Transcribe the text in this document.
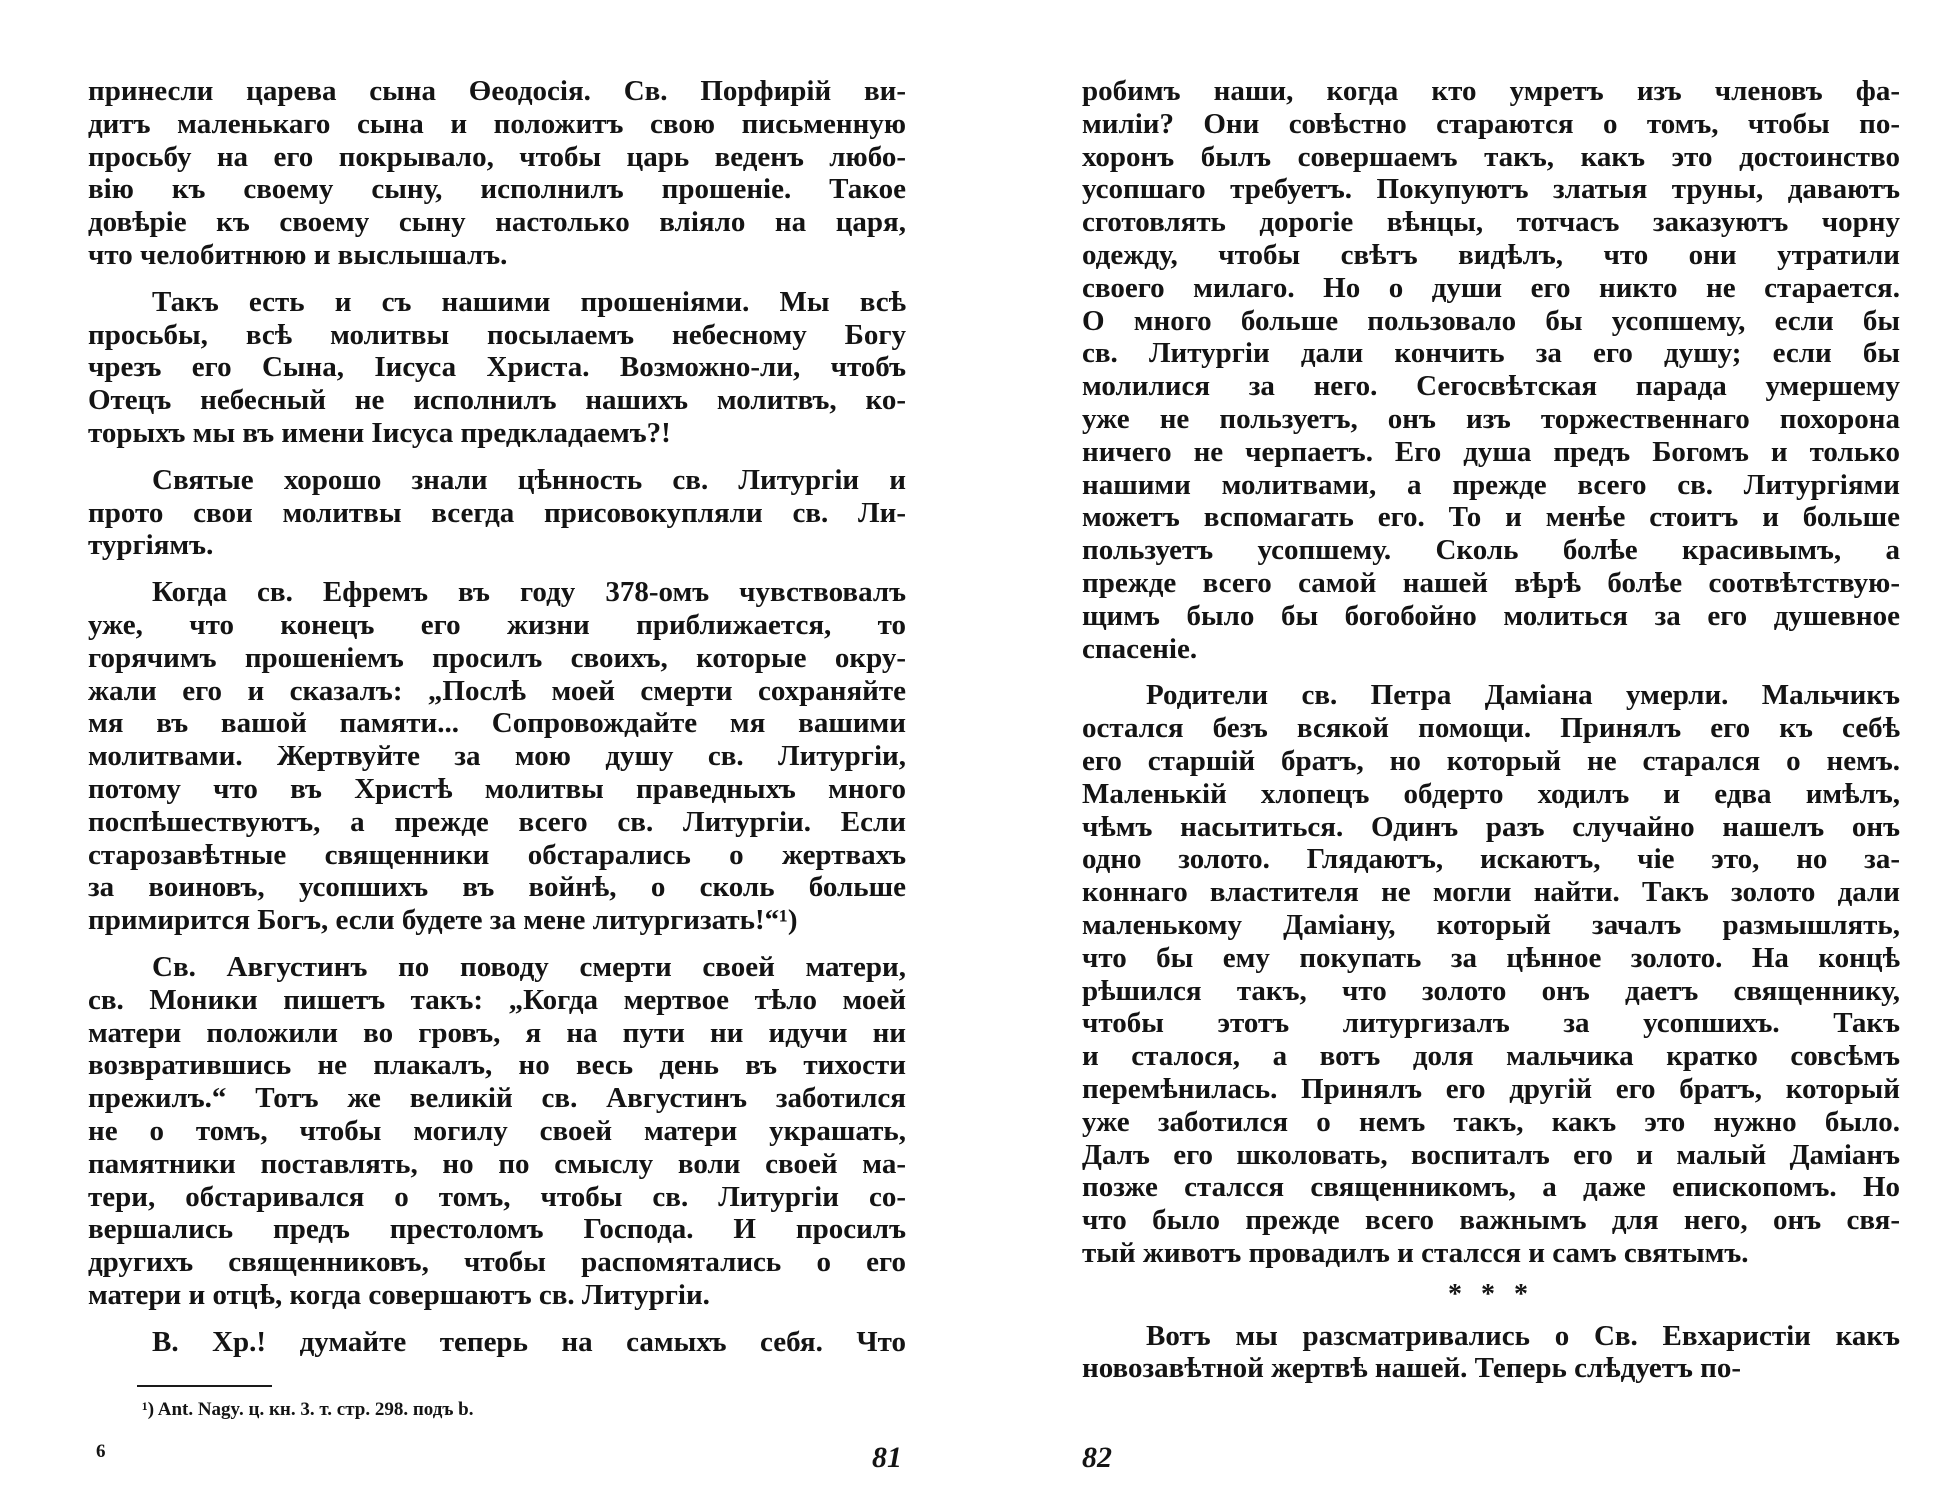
принесли царева сына Өеодосія. Св. Порфирій ви-
дитъ маленькаго сына и положитъ свою письменную
просьбу на его покрывало, чтобы царь веденъ любо-
вію къ своему сыну, исполнилъ прошеніе. Такое
довѣріе къ своему сыну настолько вліяло на царя,
что челобитнюю и выслышалъ.
Такъ есть и съ нашими прошеніями. Мы всѣ
просьбы, всѣ молитвы посылаемъ небесному Богу
чрезъ его Сына, Іисуса Христа. Возможно-ли, чтобъ
Отецъ небесный не исполнилъ нашихъ молитвъ, ко-
торыхъ мы въ имени Іисуса предкладаемъ?!
Святые хорошо знали цѣнность св. Литургіи и
прото свои молитвы всегда присовокупляли св. Ли-
тургіямъ.
Когда св. Ефремъ въ году 378-омъ чувствовалъ
уже, что конецъ его жизни приближается, то
горячимъ прошеніемъ просилъ своихъ, которые окру-
жали его и сказалъ: „Послѣ моей смерти сохраняйте
мя въ вашой памяти... Сопровождайте мя вашими
молитвами. Жертвуйте за мою душу св. Литургіи,
потому что въ Христѣ молитвы праведныхъ много
поспѣшествуютъ, а прежде всего св. Литургіи. Если
старозавѣтные священники обстарались о жертвахъ
за воиновъ, усопшихъ въ войнѣ, о сколь больше
примирится Богъ, если будете за мене литургизать!“¹)
Св. Августинъ по поводу смерти своей матери,
св. Моники пишетъ такъ: „Когда мертвое тѣло моей
матери положили во гровъ, я на пути ни идучи ни
возвратившись не плакалъ, но весь день въ тихости
прежилъ.“ Тотъ же великій св. Августинъ заботился
не о томъ, чтобы могилу своей матери украшать,
памятники поставлять, но по смыслу воли своей ма-
тери, обстаривался о томъ, чтобы св. Литургіи со-
вершались предъ престоломъ Господа. И просилъ
другихъ священниковъ, чтобы распомятались о его
матери и отцѣ, когда совершаютъ св. Литургіи.
В. Хр.! думайте теперь на самыхъ себя. Что
¹) Ant. Nagy. ц. кн. 3. т. стр. 298. подъ b.
6	81
робимъ наши, когда кто умретъ изъ членовъ фа-
миліи? Они совѣстно стараются о томъ, чтобы по-
хоронъ былъ совершаемъ такъ, какъ это достоинство
усопшаго требуетъ. Покупуютъ златыя труны, даваютъ
сготовлять дорогіе вѣнцы, тотчасъ заказуютъ чорну
одежду, чтобы свѣтъ видѣлъ, что они утратили
своего милаго. Но о души его никто не старается.
О много больше пользовало бы усопшему, если бы
св. Литургіи дали кончить за его душу; если бы
молилися за него. Сегосвѣтская парада умершему
уже не пользуетъ, онъ изъ торжественнаго похорона
ничего не черпаетъ. Его душа предъ Богомъ и только
нашими молитвами, а прежде всего св. Литургіями
можетъ вспомагать его. То и менѣе стоитъ и больше
пользуетъ усопшему. Сколь болѣе красивымъ, а
прежде всего самой нашей вѣрѣ болѣе соотвѣтствую-
щимъ было бы богобойно молиться за его душевное
спасеніе.
Родители св. Петра Даміана умерли. Мальчикъ
остался безъ всякой помощи. Принялъ его къ себѣ
его старшій братъ, но который не старался о немъ.
Маленькій хлопецъ обдерто ходилъ и едва имѣлъ,
чѣмъ насытиться. Одинъ разъ случайно нашелъ онъ
одно золото. Глядаютъ, искаютъ, чіе это, но за-
коннаго властителя не могли найти. Такъ золото дали
маленькому Даміану, который зачалъ размышлять,
что бы ему покупать за цѣнное золото. На концѣ
рѣшился такъ, что золото онъ даетъ священнику,
чтобы этотъ литургизалъ за усопшихъ. Такъ
и сталося, а вотъ доля мальчика кратко совсѣмъ
перемѣнилась. Принялъ его другій его братъ, который
уже заботился о немъ такъ, какъ это нужно было.
Далъ его школовать, воспиталъ его и малый Даміанъ
позже сталсся священникомъ, а даже епископомъ. Но
что было прежде всего важнымъ для него, онъ свя-
тый животъ провадилъ и сталсся и самъ святымъ.
* * *
Вотъ мы разсматривались о Св. Евхаристіи какъ
новозавѣтной жертвѣ нашей. Теперь слѣдуетъ по-
82
